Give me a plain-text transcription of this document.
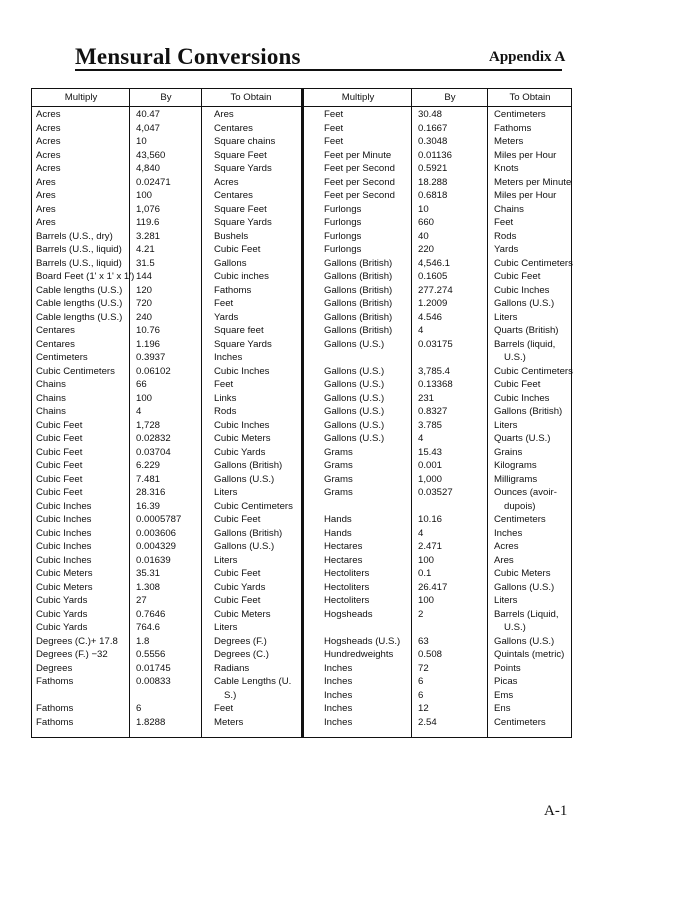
Mensural Conversions	Appendix A
Multiply	By	To Obtain
Acres	40.47	Ares
Acres	4,047	Centares
Acres	10	Square chains
Acres	43,560	Square Feet
Acres	4,840	Square Yards
Ares	0.02471	Acres
Ares	100	Centares
Ares	1,076	Square Feet
Ares	119.6	Square Yards
Barrels (U.S., dry) 3.281	Bushels
Barrels (U.S., liquid) 4.21	Cubic Feet
Barrels (U.S., liquid) 31.5	Gallons
Board Feet (1' x 1' x 1') 144	Cubic inches
Cable lengths (U.S.) 120	Fathoms
Cable lengths (U.S.) 720	Feet
Cable lengths (U.S.) 240	Yards
Centares	10.76	Square feet
Centares	1.196	Square Yards
Centimeters	0.3937	Inches
Cubic Centimeters 0.06102	Cubic Inches
Chains	66	Feet
Chains	100	Links
Chains	4	Rods
Cubic Feet	1,728	Cubic Inches
Cubic Feet	0.02832	Cubic Meters
Cubic Feet	0.03704	Cubic Yards
Cubic Feet	6.229	Gallons (British)
Cubic Feet	7.481	Gallons (U.S.)
Cubic Feet	28.316	Liters
Cubic Inches	16.39	Cubic Centimeters
Cubic Inches	0.0005787	Cubic Feet
Cubic Inches	0.003606	Gallons (British)
Cubic Inches	0.004329	Gallons (U.S.)
Cubic Inches	0.01639	Liters
Cubic Meters	35.31	Cubic Feet
Cubic Meters	1.308	Cubic Yards
Cubic Yards	27	Cubic Feet
Cubic Yards	0.7646	Cubic Meters
Cubic Yards	764.6	Liters
Degrees (C.)+ 17.8 1.8	Degrees (F.)
Degrees (F.) −32	0.5556	Degrees (C.)
Degrees	0.01745	Radians
Fathoms	0.00833	Cable Lengths (U.
S.)
Fathoms	6	Feet
Fathoms	1.8288	Meters
Multiply	By	To Obtain
Feet	30.48	Centimeters
Feet	0.1667	Fathoms
Feet	0.3048	Meters
Feet per Minute	0.01136	Miles per Hour
Feet per Second 0.5921	Knots
Feet per Second 18.288	Meters per Minute
Feet per Second 0.6818	Miles per Hour
Furlongs	10	Chains
Furlongs	660	Feet
Furlongs	40	Rods
Furlongs	220	Yards
Gallons (British)	4,546.1	Cubic Centimeters
Gallons (British)	0.1605	Cubic Feet
Gallons (British)	277.274	Cubic Inches
Gallons (British)	1.2009	Gallons (U.S.)
Gallons (British)	4.546	Liters
Gallons (British)	4	Quarts (British)
Gallons (U.S.)	0.03175	Barrels (liquid,
U.S.)
Gallons (U.S.)	3,785.4	Cubic Centimeters
Gallons (U.S.)	0.13368	Cubic Feet
Gallons (U.S.)	231	Cubic Inches
Gallons (U.S.)	0.8327	Gallons (British)
Gallons (U.S.)	3.785	Liters
Gallons (U.S.)	4	Quarts (U.S.)
Grams	15.43	Grains
Grams	0.001	Kilograms
Grams	1,000	Milligrams
Grams	0.03527	Ounces (avoir-
dupois)
Hands	10.16	Centimeters
Hands	4	Inches
Hectares	2.471	Acres
Hectares	100	Ares
Hectoliters	0.1	Cubic Meters
Hectoliters	26.417	Gallons (U.S.)
Hectoliters	100	Liters
Hogsheads	2	Barrels (Liquid,
U.S.)
Hogsheads (U.S.) 63	Gallons (U.S.)
Hundredweights	0.508	Quintals (metric)
Inches	72	Points
Inches	6	Picas
Inches	6	Ems
Inches	12	Ens
Inches	2.54	Centimeters
A-1
